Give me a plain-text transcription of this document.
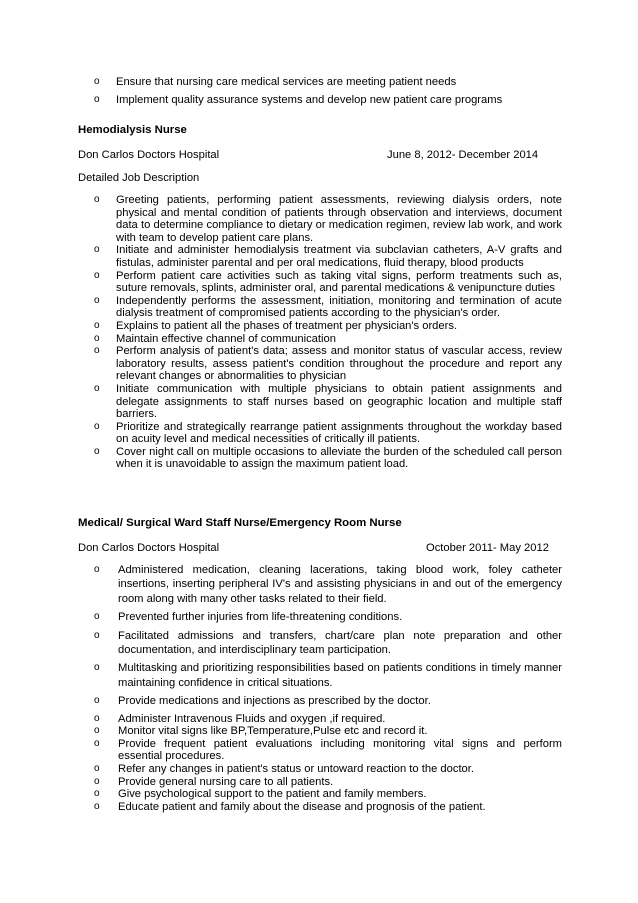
o Ensure that nursing care medical services are meeting patient needs
o Implement quality assurance systems and develop new patient care programs
Hemodialysis Nurse
Don Carlos Doctors Hospital	June 8, 2012- December 2014
Detailed Job Description
o Greeting patients, performing patient assessments, reviewing dialysis orders, note physical and mental condition of patients through observation and interviews, document data to determine compliance to dietary or medication regimen, review lab work, and work with team to develop patient care plans.
o Initiate and administer hemodialysis treatment via subclavian catheters, A-V grafts and fistulas, administer parental and per oral medications, fluid therapy, blood products
o Perform patient care activities such as taking vital signs, perform treatments such as, suture removals, splints, administer oral, and parental medications & venipuncture duties
o Independently performs the assessment, initiation, monitoring and termination of acute dialysis treatment of compromised patients according to the physician's order.
o Explains to patient all the phases of treatment per physician's orders.
o Maintain effective channel of communication
o Perform analysis of patient's data; assess and monitor status of vascular access, review laboratory results, assess patient's condition throughout the procedure and report any relevant changes or abnormalities to physician
o Initiate communication with multiple physicians to obtain patient assignments and delegate assignments to staff nurses based on geographic location and multiple staff barriers.
o Prioritize and strategically rearrange patient assignments throughout the workday based on acuity level and medical necessities of critically ill patients.
o Cover night call on multiple occasions to alleviate the burden of the scheduled call person when it is unavoidable to assign the maximum patient load.
Medical/ Surgical Ward Staff Nurse/Emergency Room Nurse
Don Carlos Doctors Hospital	October 2011- May 2012
o Administered medication, cleaning lacerations, taking blood work, foley catheter insertions, inserting peripheral IV's and assisting physicians in and out of the emergency room along with many other tasks related to their field.
o Prevented further injuries from life-threatening conditions.
o Facilitated admissions and transfers, chart/care plan note preparation and other documentation, and interdisciplinary team participation.
o Multitasking and prioritizing responsibilities based on patients conditions in timely manner maintaining confidence in critical situations.
o Provide medications and injections as prescribed by the doctor.
o Administer Intravenous Fluids and oxygen ,if required.
o Monitor vital signs like BP,Temperature,Pulse etc and record it.
o Provide frequent patient evaluations including monitoring vital signs and perform essential procedures.
o Refer any changes in patient's status or untoward reaction to the doctor.
o Provide general nursing care to all patients.
o Give psychological support to the patient and family members.
o Educate patient and family about the disease and prognosis of the patient.
